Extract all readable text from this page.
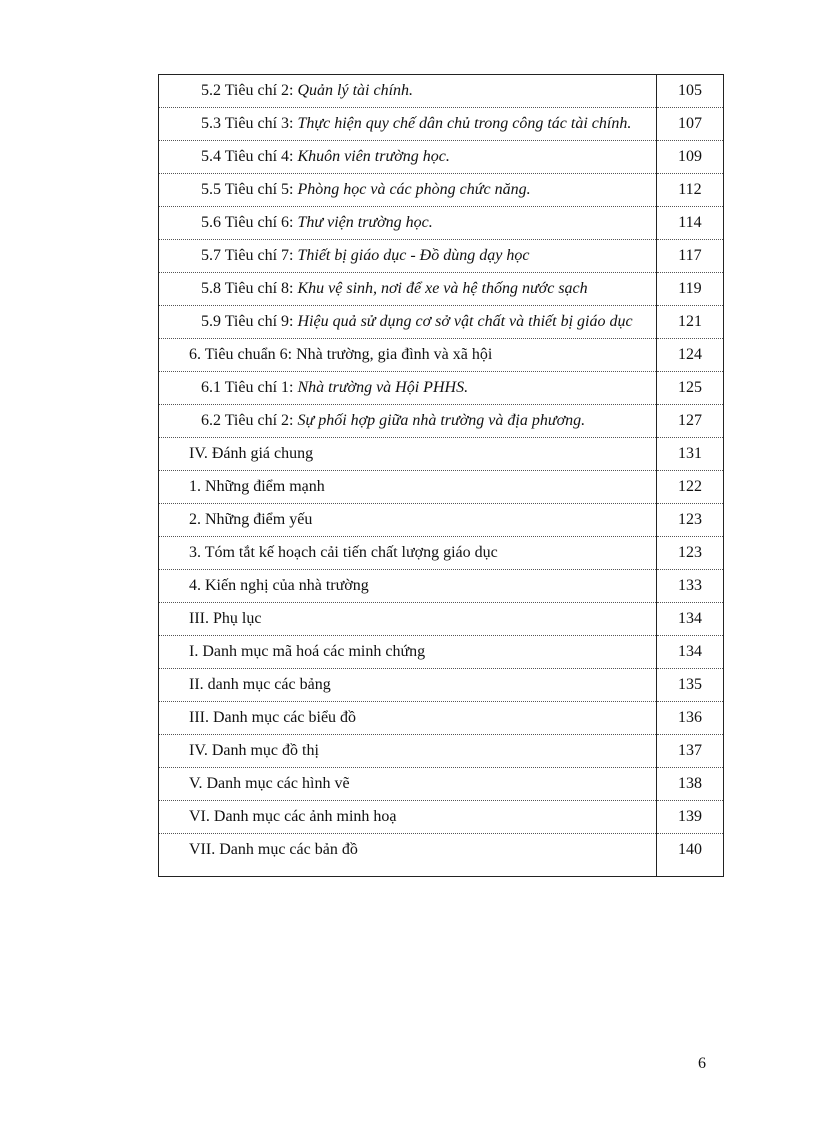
5.2 Tiêu chí 2: Quản lý tài chính.	105

5.3 Tiêu chí 3: Thực hiện quy chế dân chủ trong công tác tài chính.	107

5.4 Tiêu chí 4: Khuôn viên trường học.	109

5.5 Tiêu chí 5: Phòng học và các phòng chức năng.	112

5.6 Tiêu chí 6: Thư viện trường học.	114

5.7 Tiêu chí 7: Thiết bị giáo dục - Đồ dùng dạy học	117

5.8 Tiêu chí 8: Khu vệ sinh, nơi để xe và hệ thống nước sạch	119

5.9 Tiêu chí 9: Hiệu quả sử dụng cơ sở vật chất và thiết bị giáo dục	121

6. Tiêu chuẩn 6: Nhà trường, gia đình và xã hội	124

6.1 Tiêu chí 1: Nhà trường và Hội PHHS.	125

6.2 Tiêu chí 2: Sự phối hợp giữa nhà trường và địa phương.	127

IV. Đánh giá chung	131

1. Những điểm mạnh	122

2. Những điểm yếu	123

3. Tóm tắt kế hoạch cải tiến chất lượng giáo dục	123

4. Kiến nghị của nhà trường	133

III. Phụ lục	134

I. Danh mục mã hoá các minh chứng	134

II. danh mục các bảng	135

III. Danh mục các biểu đồ	136

IV. Danh mục đồ thị	137

V. Danh mục các hình vẽ	138

VI. Danh mục các ảnh minh hoạ	139

VII. Danh mục các bản đồ	140
6
